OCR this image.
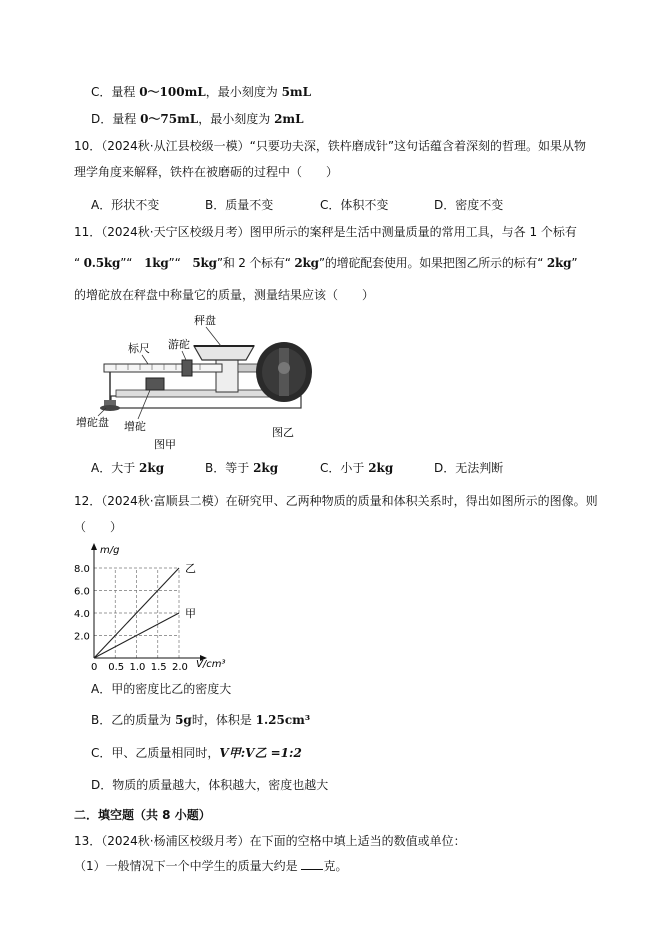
C．量程 0～100mL，最小刻度为 5mL
D．量程 0～75mL，最小刻度为 2mL
10．（2024秋·从江县校级一模）“只要功夫深，铁杵磨成针”这句话蕴含着深刻的哲理。如果从物
理学角度来解释，铁杵在被磨砺的过程中（　　）
A．形状不变	B．质量不变	C．体积不变	D．密度不变
11．（2024秋·天宁区校级月考）图甲所示的案秤是生活中测量质量的常用工具，与各 1 个标有
“ 0.5kg”“　1kg”“　5kg”和 2 个标有“ 2kg”的增砣配套使用。如果把图乙所示的标有“ 2kg”
的增砣放在秤盘中称量它的质量，测量结果应该（　　）
秤盘
标尺 游砣
增砣盘 增砣
图甲
图乙
A．大于 2kg	B．等于 2kg	C．小于 2kg	D．无法判断
12．（2024秋·富顺县二模）在研究甲、乙两种物质的质量和体积关系时，得出如图所示的图像。则
（　　）
m/g
V/cm³
0 0.5 1.0 1.5 2.0
2.0
4.0
6.0
8.0	乙
甲
A．甲的密度比乙的密度大
B．乙的质量为 5g时，体积是 1.25cm³
C．甲、乙质量相同时，V甲:V乙 =1:2
D．物质的质量越大，体积越大，密度也越大
二．填空题（共 8 小题）
13．（2024秋·杨浦区校级月考）在下面的空格中填上适当的数值或单位：
（1）一般情况下一个中学生的质量大约是 克。
